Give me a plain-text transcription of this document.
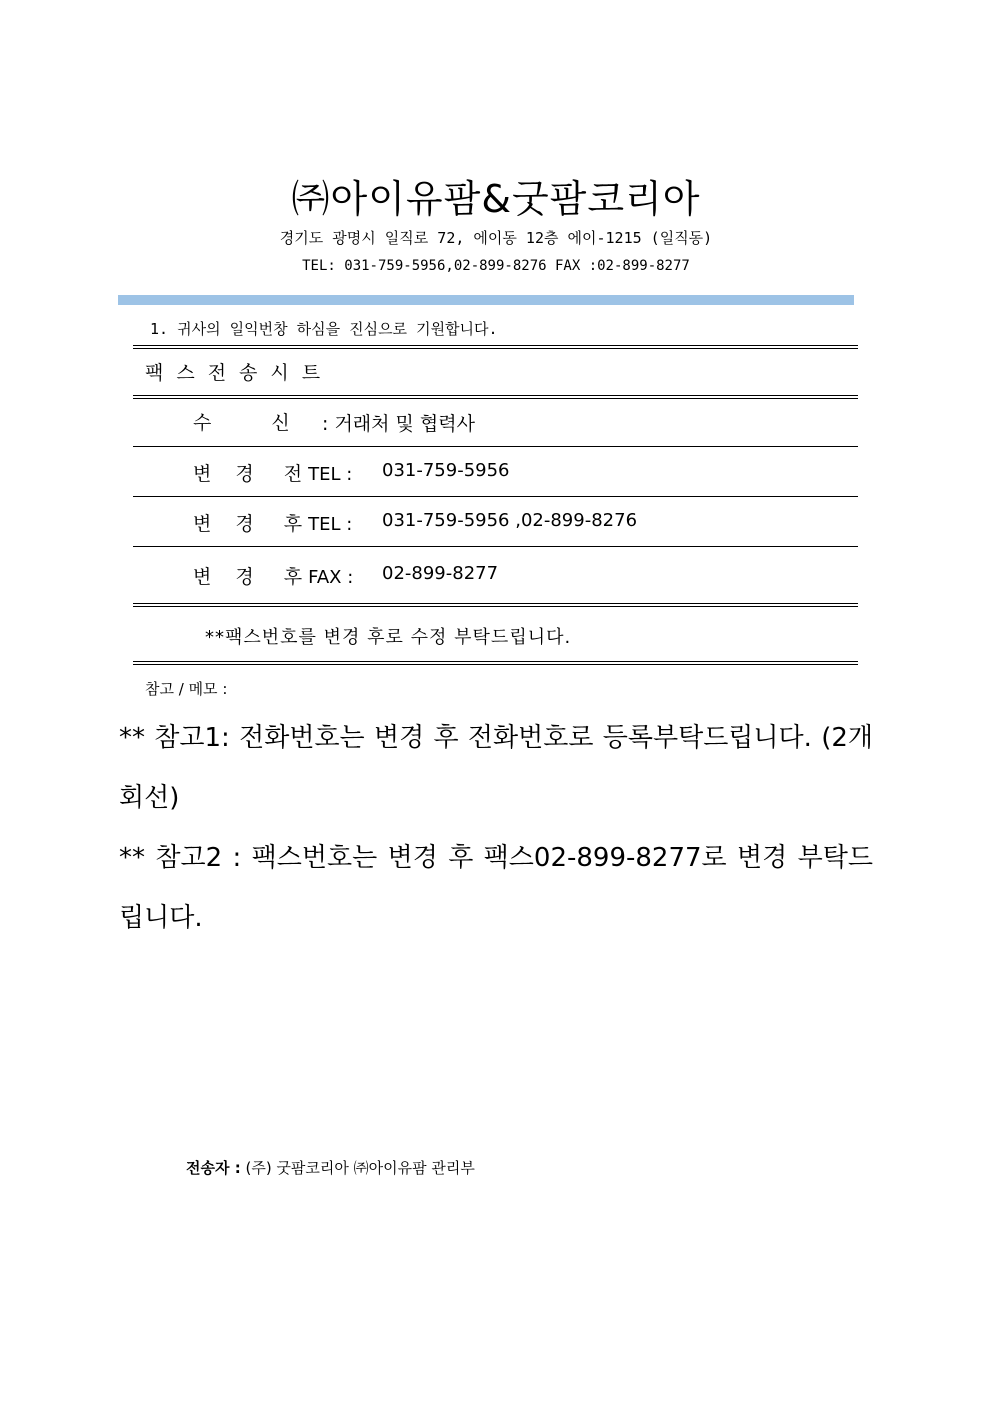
㈜아이유팜&굿팜코리아
경기도 광명시 일직로 72, 에이동 12층 에이-1215 (일직동)
TEL: 031-759-5956,02-899-8276 FAX :02-899-8277
1. 귀사의 일익번창 하심을 진심으로 기원합니다.
팩스전송시트
수	신 : 거래처 및 협력사
변 경 전 TEL : 031-759-5956
변 경 후 TEL : 031-759-5956 ,02-899-8276
변 경 후 FAX : 02-899-8277
**팩스번호를 변경 후로 수정 부탁드립니다.
참고 / 메모 :

** 참고1: 전화번호는 변경 후 전화번호로 등록부탁드립니다. (2개회선)

** 참고2 : 팩스번호는 변경 후 팩스02-899-8277로 변경 부탁드립니다.

전송자 : (주) 굿팜코리아 ㈜아이유팜 관리부
